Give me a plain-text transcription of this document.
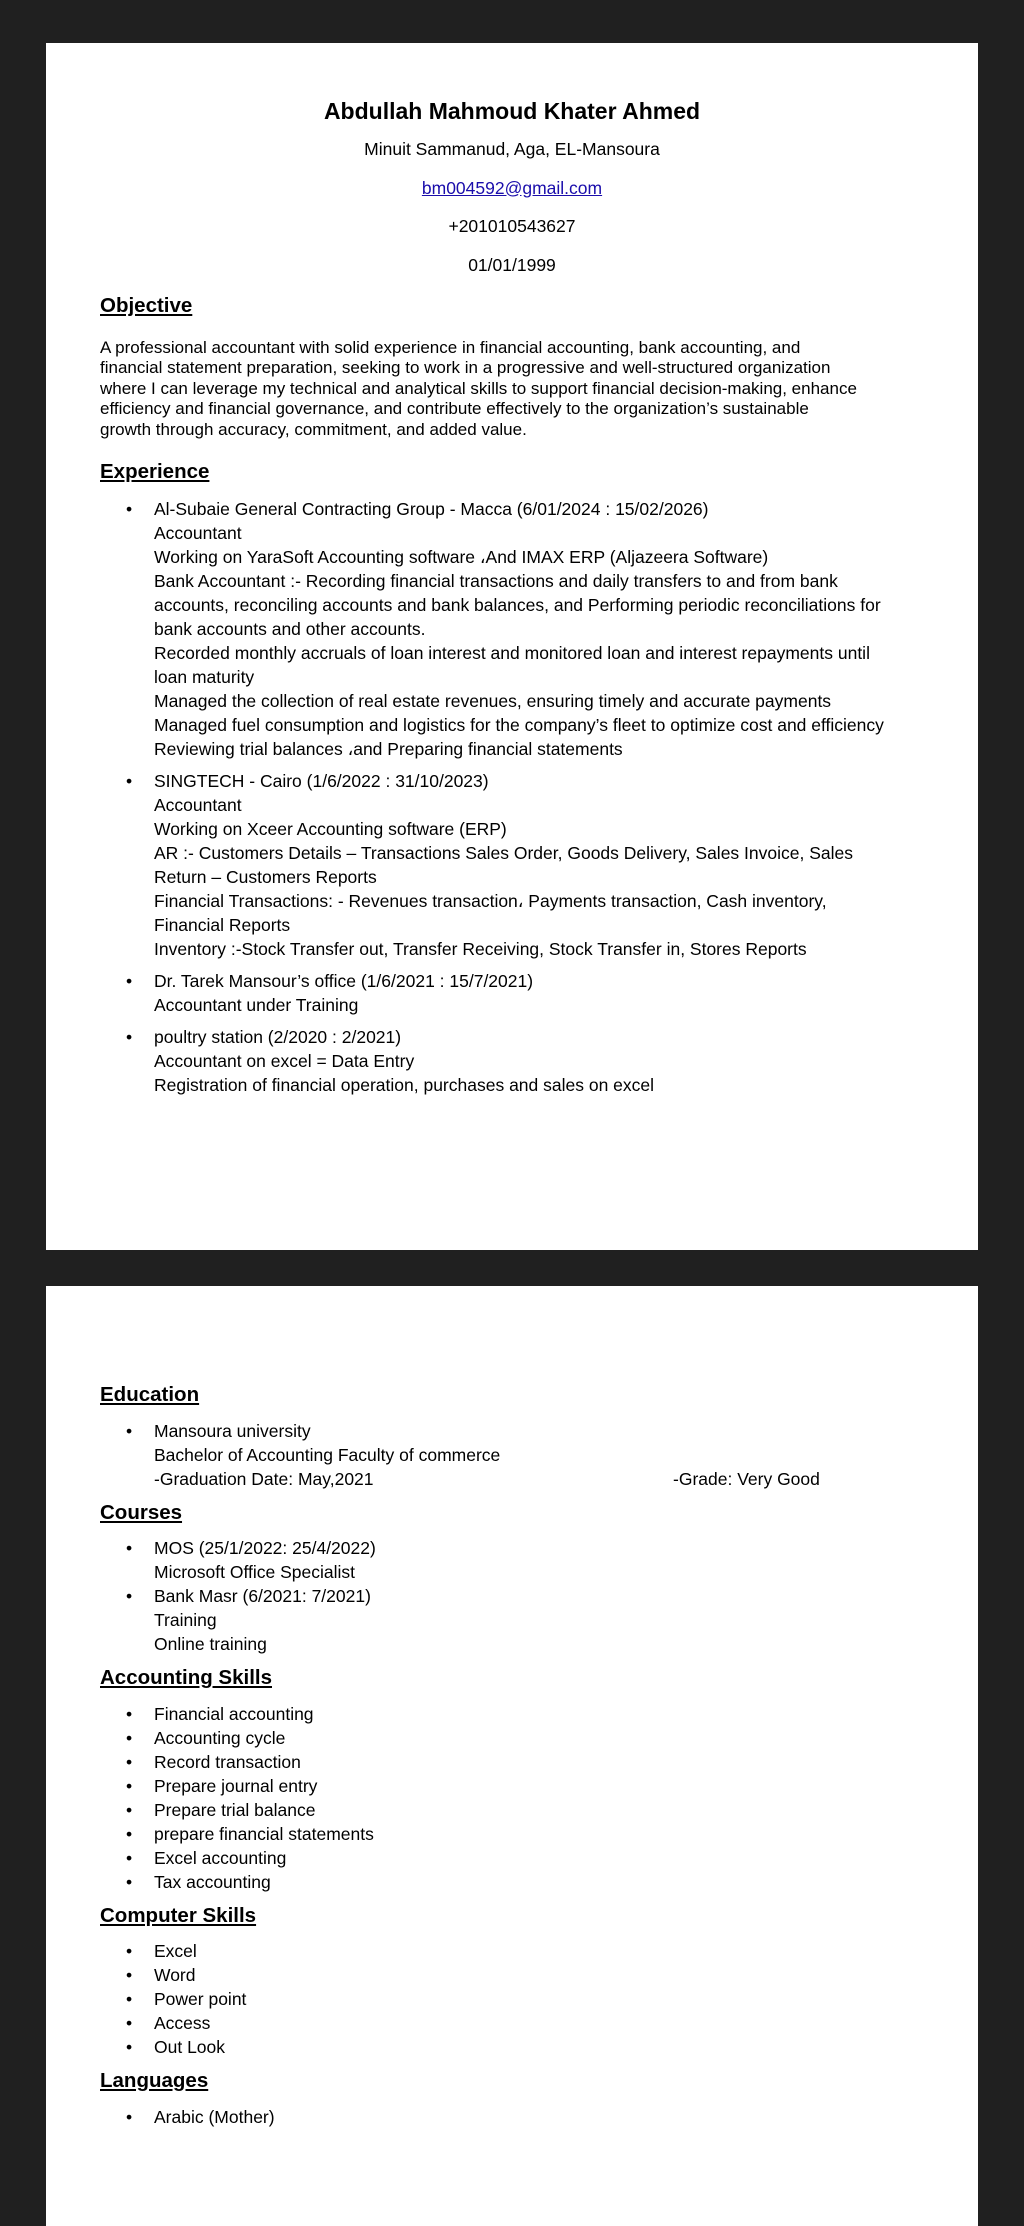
Abdullah Mahmoud Khater Ahmed

Minuit Sammanud, Aga, EL-Mansoura

bm004592@gmail.com

+201010543627

01/01/1999

Objective

A professional accountant with solid experience in financial accounting, bank accounting, and

financial statement preparation, seeking to work in a progressive and well-structured organization

where I can leverage my technical and analytical skills to support financial decision-making, enhance

efficiency and financial governance, and contribute effectively to the organization’s sustainable

growth through accuracy, commitment, and added value.

Experience

• Al-Subaie General Contracting Group - Macca (6/01/2024 : 15/02/2026)
Accountant
Working on YaraSoft Accounting software ،And IMAX ERP (Aljazeera Software)
Bank Accountant :- Recording financial transactions and daily transfers to and from bank
accounts, reconciling accounts and bank balances, and Performing periodic reconciliations for
bank accounts and other accounts.
Recorded monthly accruals of loan interest and monitored loan and interest repayments until
loan maturity
Managed the collection of real estate revenues, ensuring timely and accurate payments
Managed fuel consumption and logistics for the company’s fleet to optimize cost and efficiency
Reviewing trial balances ،and Preparing financial statements
• SINGTECH - Cairo (1/6/2022 : 31/10/2023)
Accountant
Working on Xceer Accounting software (ERP)
AR :- Customers Details – Transactions Sales Order, Goods Delivery, Sales Invoice, Sales
Return – Customers Reports
Financial Transactions: - Revenues transaction، Payments transaction, Cash inventory,
Financial Reports
Inventory :-Stock Transfer out, Transfer Receiving, Stock Transfer in, Stores Reports
• Dr. Tarek Mansour’s office (1/6/2021 : 15/7/2021)
Accountant under Training
• poultry station (2/2020 : 2/2021)
Accountant on excel = Data Entry
Registration of financial operation, purchases and sales on excel

Education

• Mansoura university
Bachelor of Accounting Faculty of commerce
-Graduation Date: May,2021	-Grade: Very Good

Courses

• MOS (25/1/2022: 25/4/2022)
Microsoft Office Specialist
• Bank Masr (6/2021: 7/2021)
Training
Online training

Accounting Skills

• Financial accounting
• Accounting cycle
• Record transaction
• Prepare journal entry
• Prepare trial balance
• prepare financial statements
• Excel accounting
• Tax accounting

Computer Skills

• Excel
• Word
• Power point
• Access
• Out Look

Languages

• Arabic (Mother)
